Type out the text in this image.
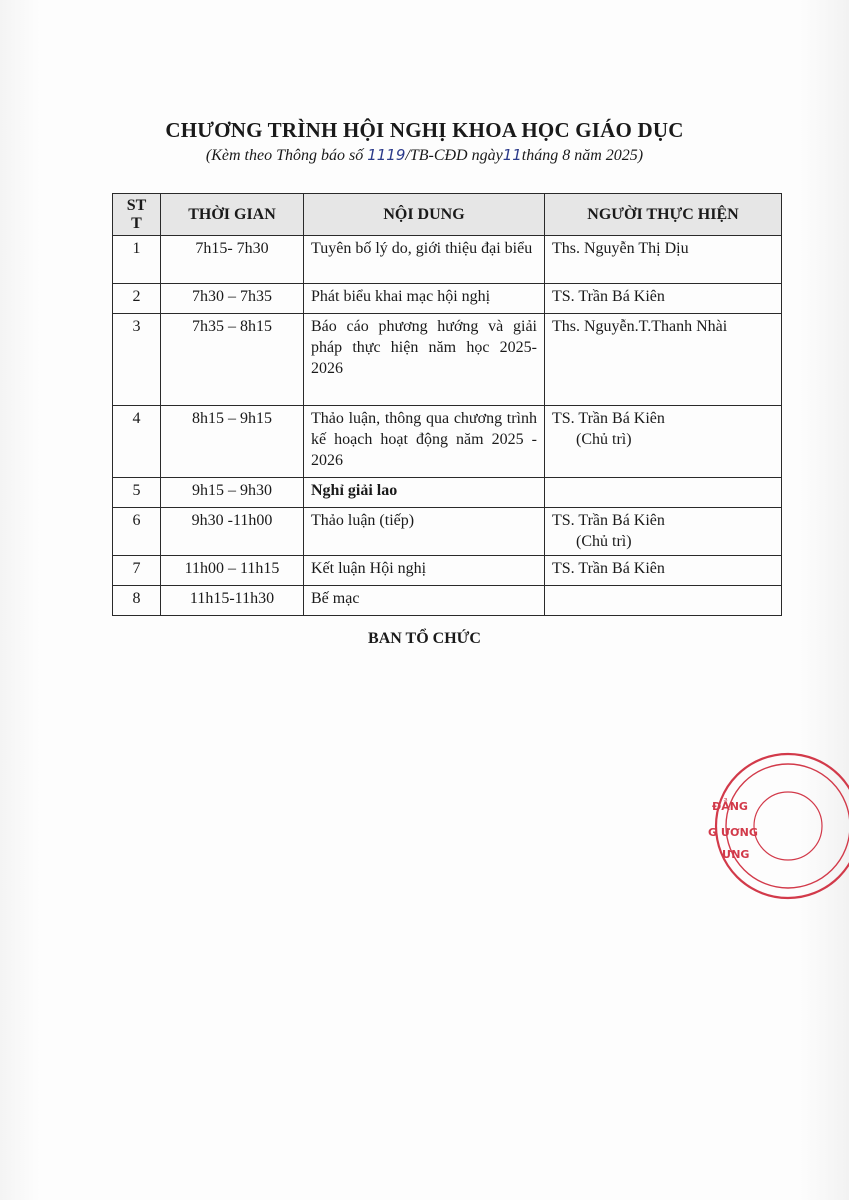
CHƯƠNG TRÌNH HỘI NGHỊ KHOA HỌC GIÁO DỤC
(Kèm theo Thông báo số 1119/TB-CĐD ngày11tháng 8 năm 2025)
ST
T	THỜI GIAN	NỘI DUNG	NGƯỜI THỰC HIỆN
1	7h15- 7h30	Tuyên bố lý do, giới thiệu đại biểu	Ths. Nguyễn Thị Dịu
2	7h30 – 7h35	Phát biểu khai mạc hội nghị	TS. Trần Bá Kiên
3	7h35 – 8h15	Báo cáo phương hướng và giải pháp thực hiện năm học 2025-2026	Ths. Nguyễn.T.Thanh Nhài
4	8h15 – 9h15	Thảo luận, thông qua chương trình kế hoạch hoạt động năm 2025 - 2026	TS. Trần Bá Kiên
(Chủ trì)

5	9h15 – 9h30	Nghỉ giải lao	
6	9h30 -11h00	Thảo luận (tiếp)	TS. Trần Bá Kiên
(Chủ trì)

7	11h00 – 11h15	Kết luận Hội nghị	TS. Trần Bá Kiên
8	11h15-11h30	Bế mạc	
BAN TỔ CHỨC
ĐẲNG
G ƯƠNG
ƯNG
